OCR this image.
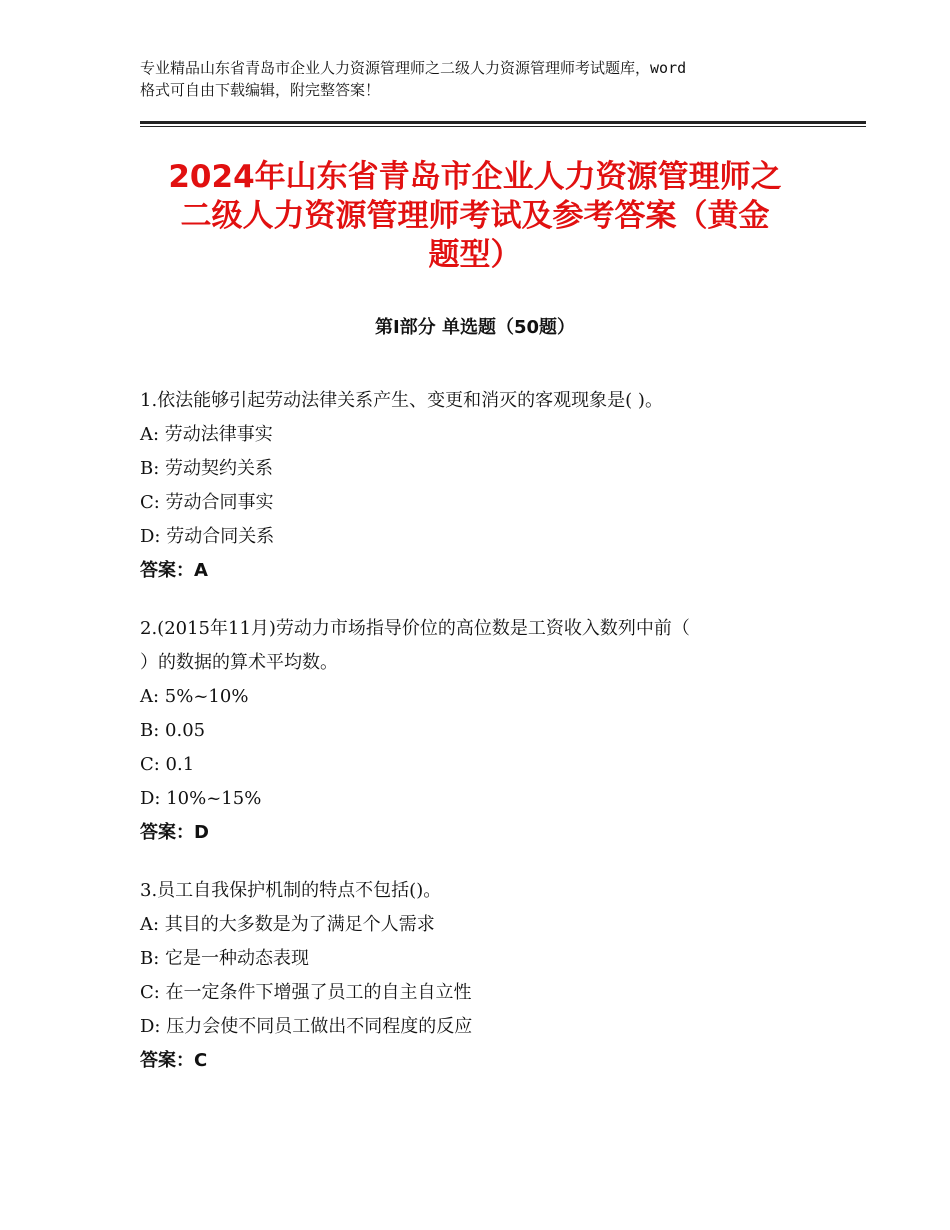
专业精品山东省青岛市企业人力资源管理师之二级人力资源管理师考试题库，word
格式可自由下载编辑，附完整答案！
2024年山东省青岛市企业人力资源管理师之
二级人力资源管理师考试及参考答案（黄金
题型）
第Ⅰ部分 单选题（50题）
1.依法能够引起劳动法律关系产生、变更和消灭的客观现象是( )。
A: 劳动法律事实
B: 劳动契约关系
C: 劳动合同事实
D: 劳动合同关系
答案：A
2.(2015年11月)劳动力市场指导价位的高位数是工资收入数列中前（
）的数据的算术平均数。
A: 5%~10%
B: 0.05
C: 0.1
D: 10%~15%
答案：D
3.员工自我保护机制的特点不包括()。
A: 其目的大多数是为了满足个人需求
B: 它是一种动态表现
C: 在一定条件下增强了员工的自主自立性
D: 压力会使不同员工做出不同程度的反应
答案：C
